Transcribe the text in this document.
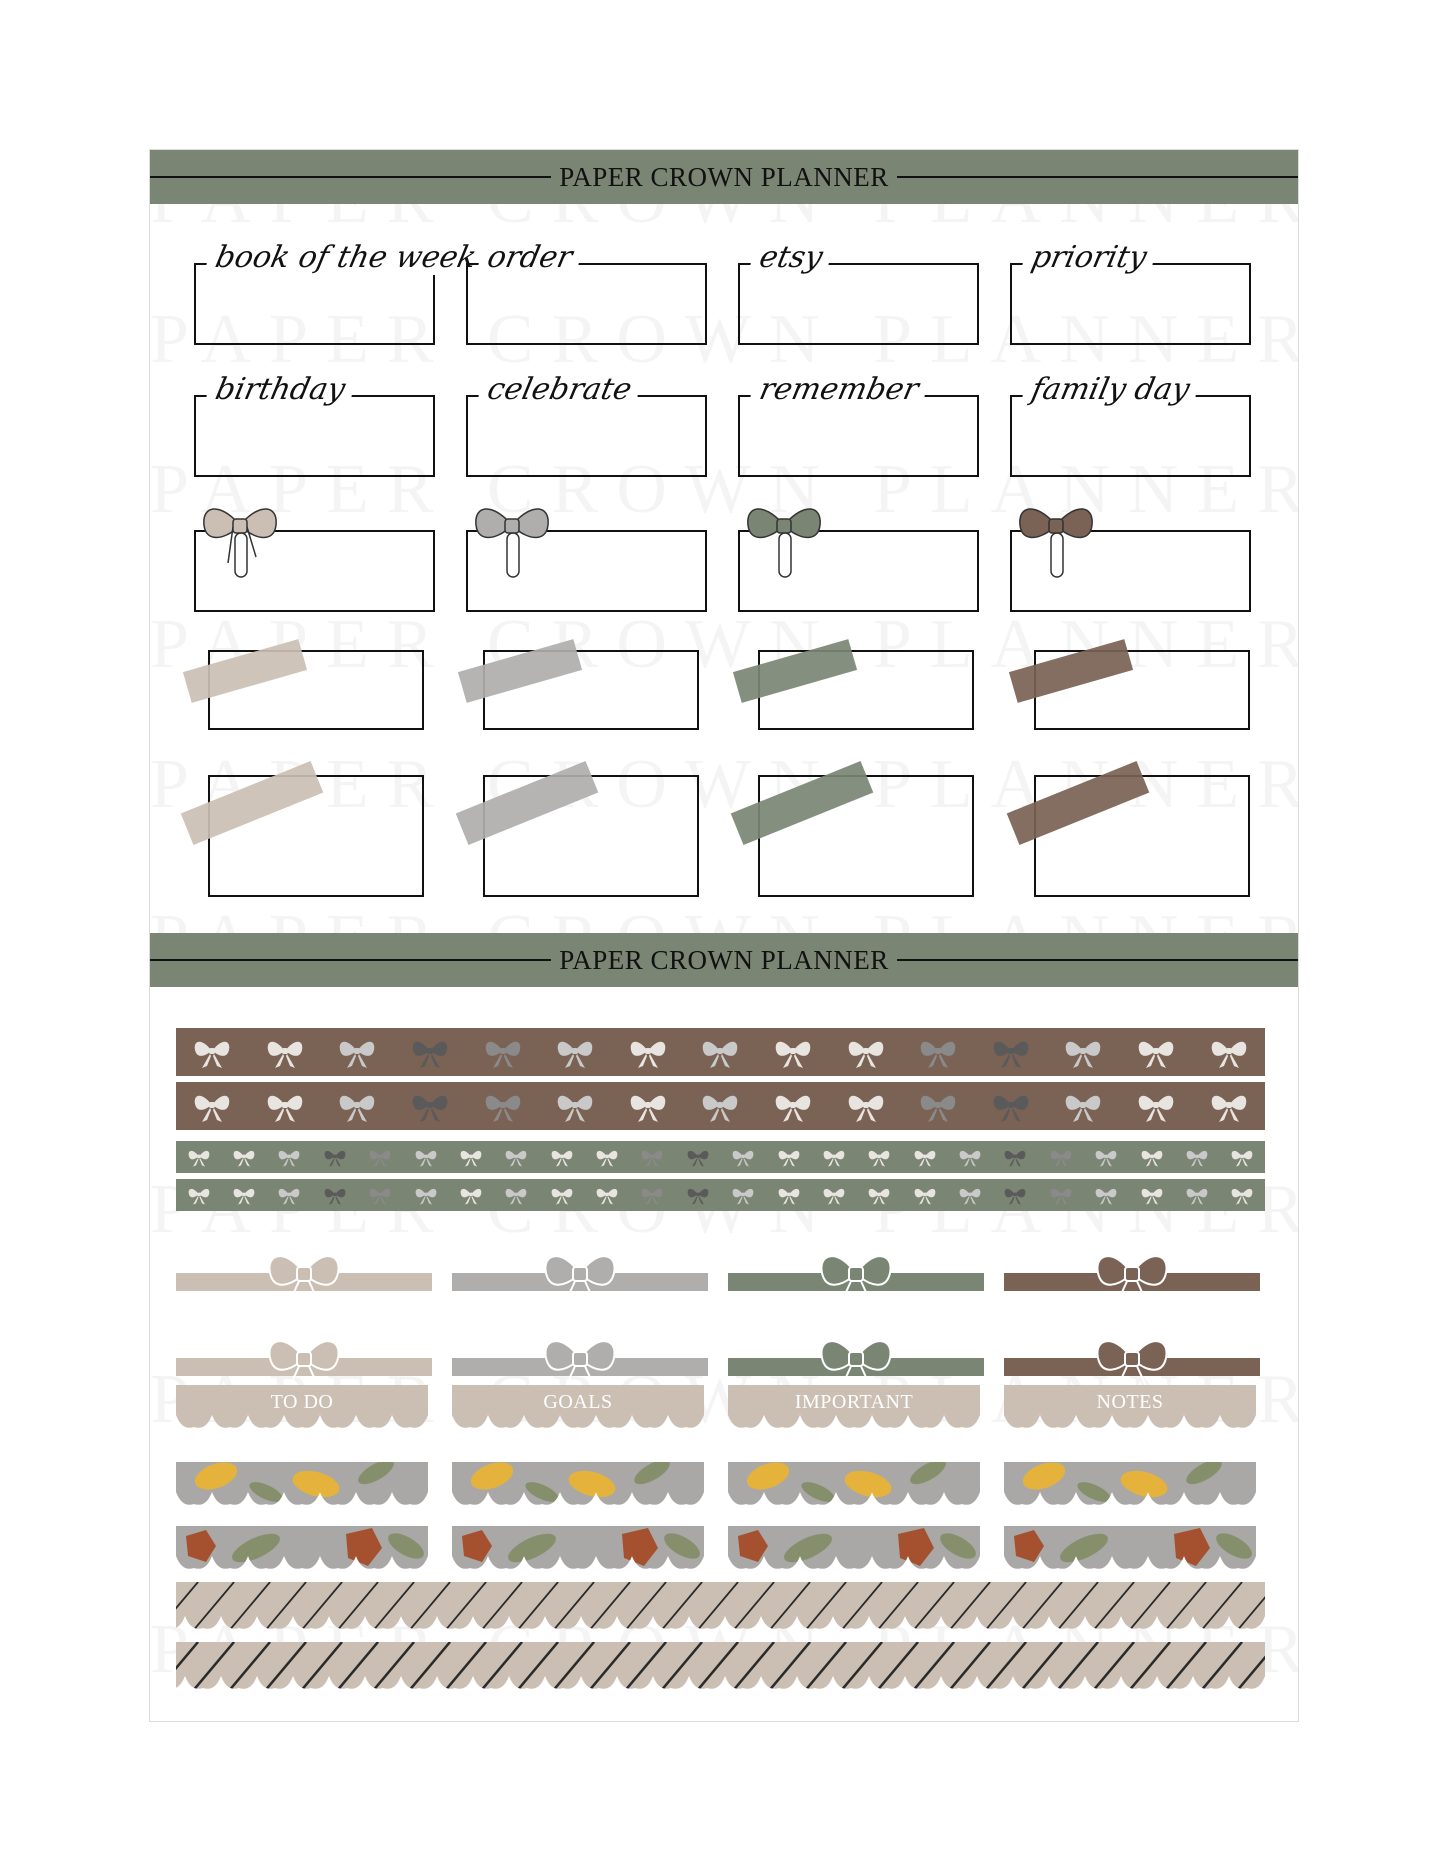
PAPER CROWN PLANNER
book of the week order	etsy	priority
birthday	celebrate	remember	family day
PAPER CROWN PLANNER
TO DO	GOALS	IMPORTANT	NOTES
